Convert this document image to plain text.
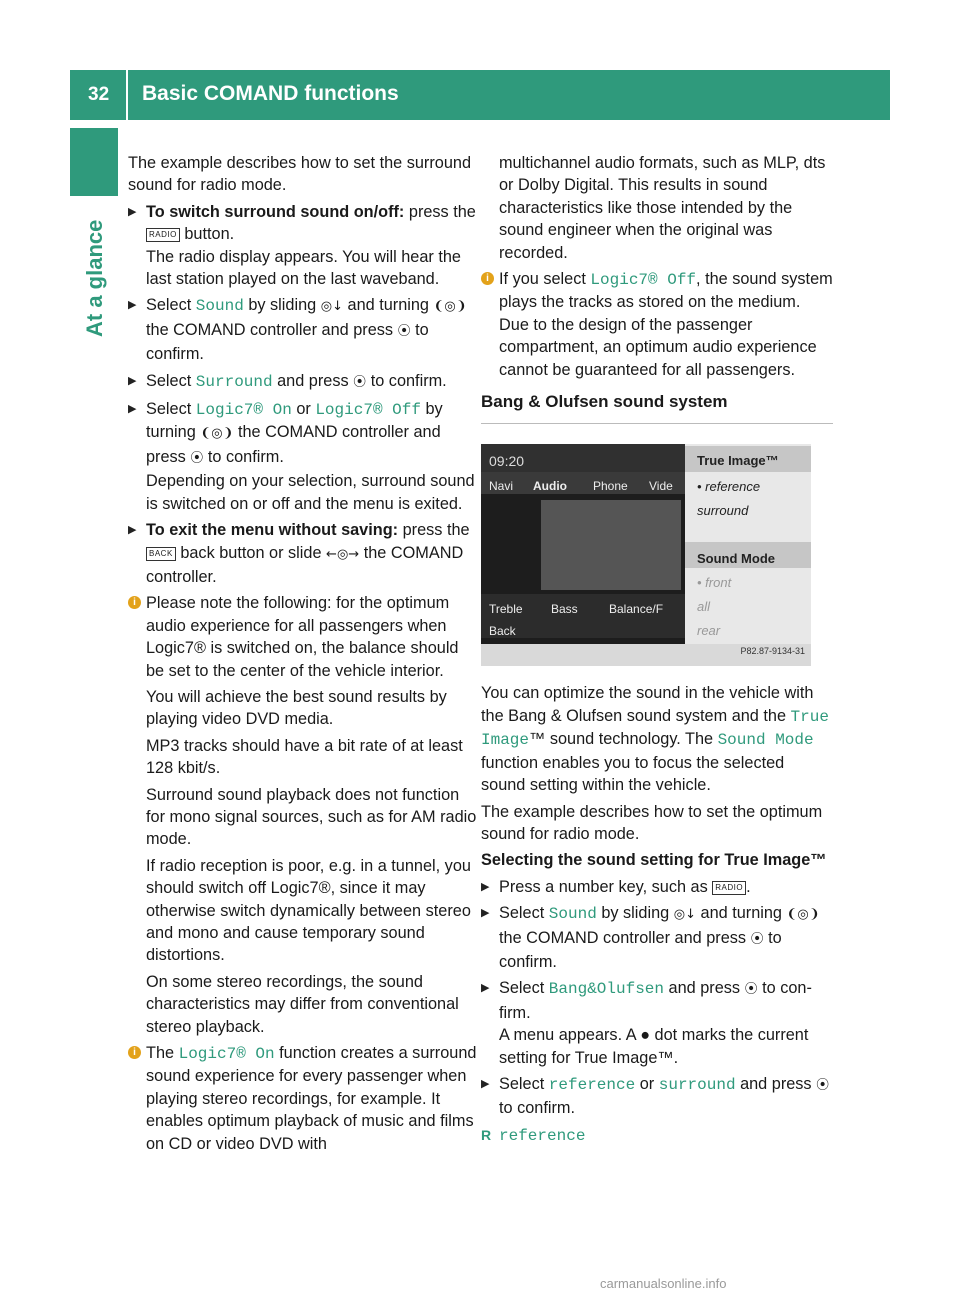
32 Basic COMAND functions
At a glance

The example describes how to set the surround sound for radio mode.

▶ To switch surround sound on/off: press the RADIO button.
The radio display appears. You will hear the last station played on the last waveband.
▶ Select Sound by sliding ◎↓ and turning ❨◎❩ the COMAND controller and press ⦿ to confirm.
▶ Select Surround and press ⦿ to confirm.
▶ Select Logic7® On or Logic7® Off by turning ❨◎❩ the COMAND controller and press ⦿ to confirm.
Depending on your selection, surround sound is switched on or off and the menu is exited.
▶ To exit the menu without saving: press the BACK back button or slide ←◎→ the COMAND controller.
i Please note the following: for the optimum audio experience for all passengers when Logic7® is switched on, the balance should be set to the center of the vehicle interior.

You will achieve the best sound results by playing video DVD media.

MP3 tracks should have a bit rate of at least 128 kbit/s.

Surround sound playback does not function for mono signal sources, such as for AM radio mode.

If radio reception is poor, e.g. in a tunnel, you should switch off Logic7®, since it may otherwise switch dynamically between stereo and mono and cause temporary sound distortions.

On some stereo recordings, the sound characteristics may differ from conventional stereo playback.

i The Logic7® On function creates a surround sound experience for every passenger when playing stereo recordings, for example. It enables optimum playback of music and films on CD or video DVD with

multichannel audio formats, such as MLP, dts or Dolby Digital. This results in sound characteristics like those intended by the sound engineer when the original was recorded.

i If you select Logic7® Off, the sound system plays the tracks as stored on the medium. Due to the design of the passenger compartment, an optimum audio experience cannot be guaranteed for all passengers.
Bang & Olufsen sound system
09:20
Navi Audio Phone Vide
Treble Bass	Balance/F
Back
True Image™
• reference
surround
Sound Mode
• front
all
rear
P82.87-9134-31

You can optimize the sound in the vehicle with the Bang & Olufsen sound system and the True Image™ sound technology. The Sound Mode function enables you to focus the selected sound setting within the vehicle.

The example describes how to set the optimum sound for radio mode.

Selecting the sound setting for True Image™

▶ Press a number key, such as RADIO .
▶ Select Sound by sliding ◎↓ and turning ❨◎❩ the COMAND controller and press ⦿ to confirm.
▶ Select Bang&Olufsen and press ⦿ to confirm.
A menu appears. A ● dot marks the current setting for True Image™.
▶ Select reference or surround and press ⦿ to confirm.
R reference
carmanualsonline.info
